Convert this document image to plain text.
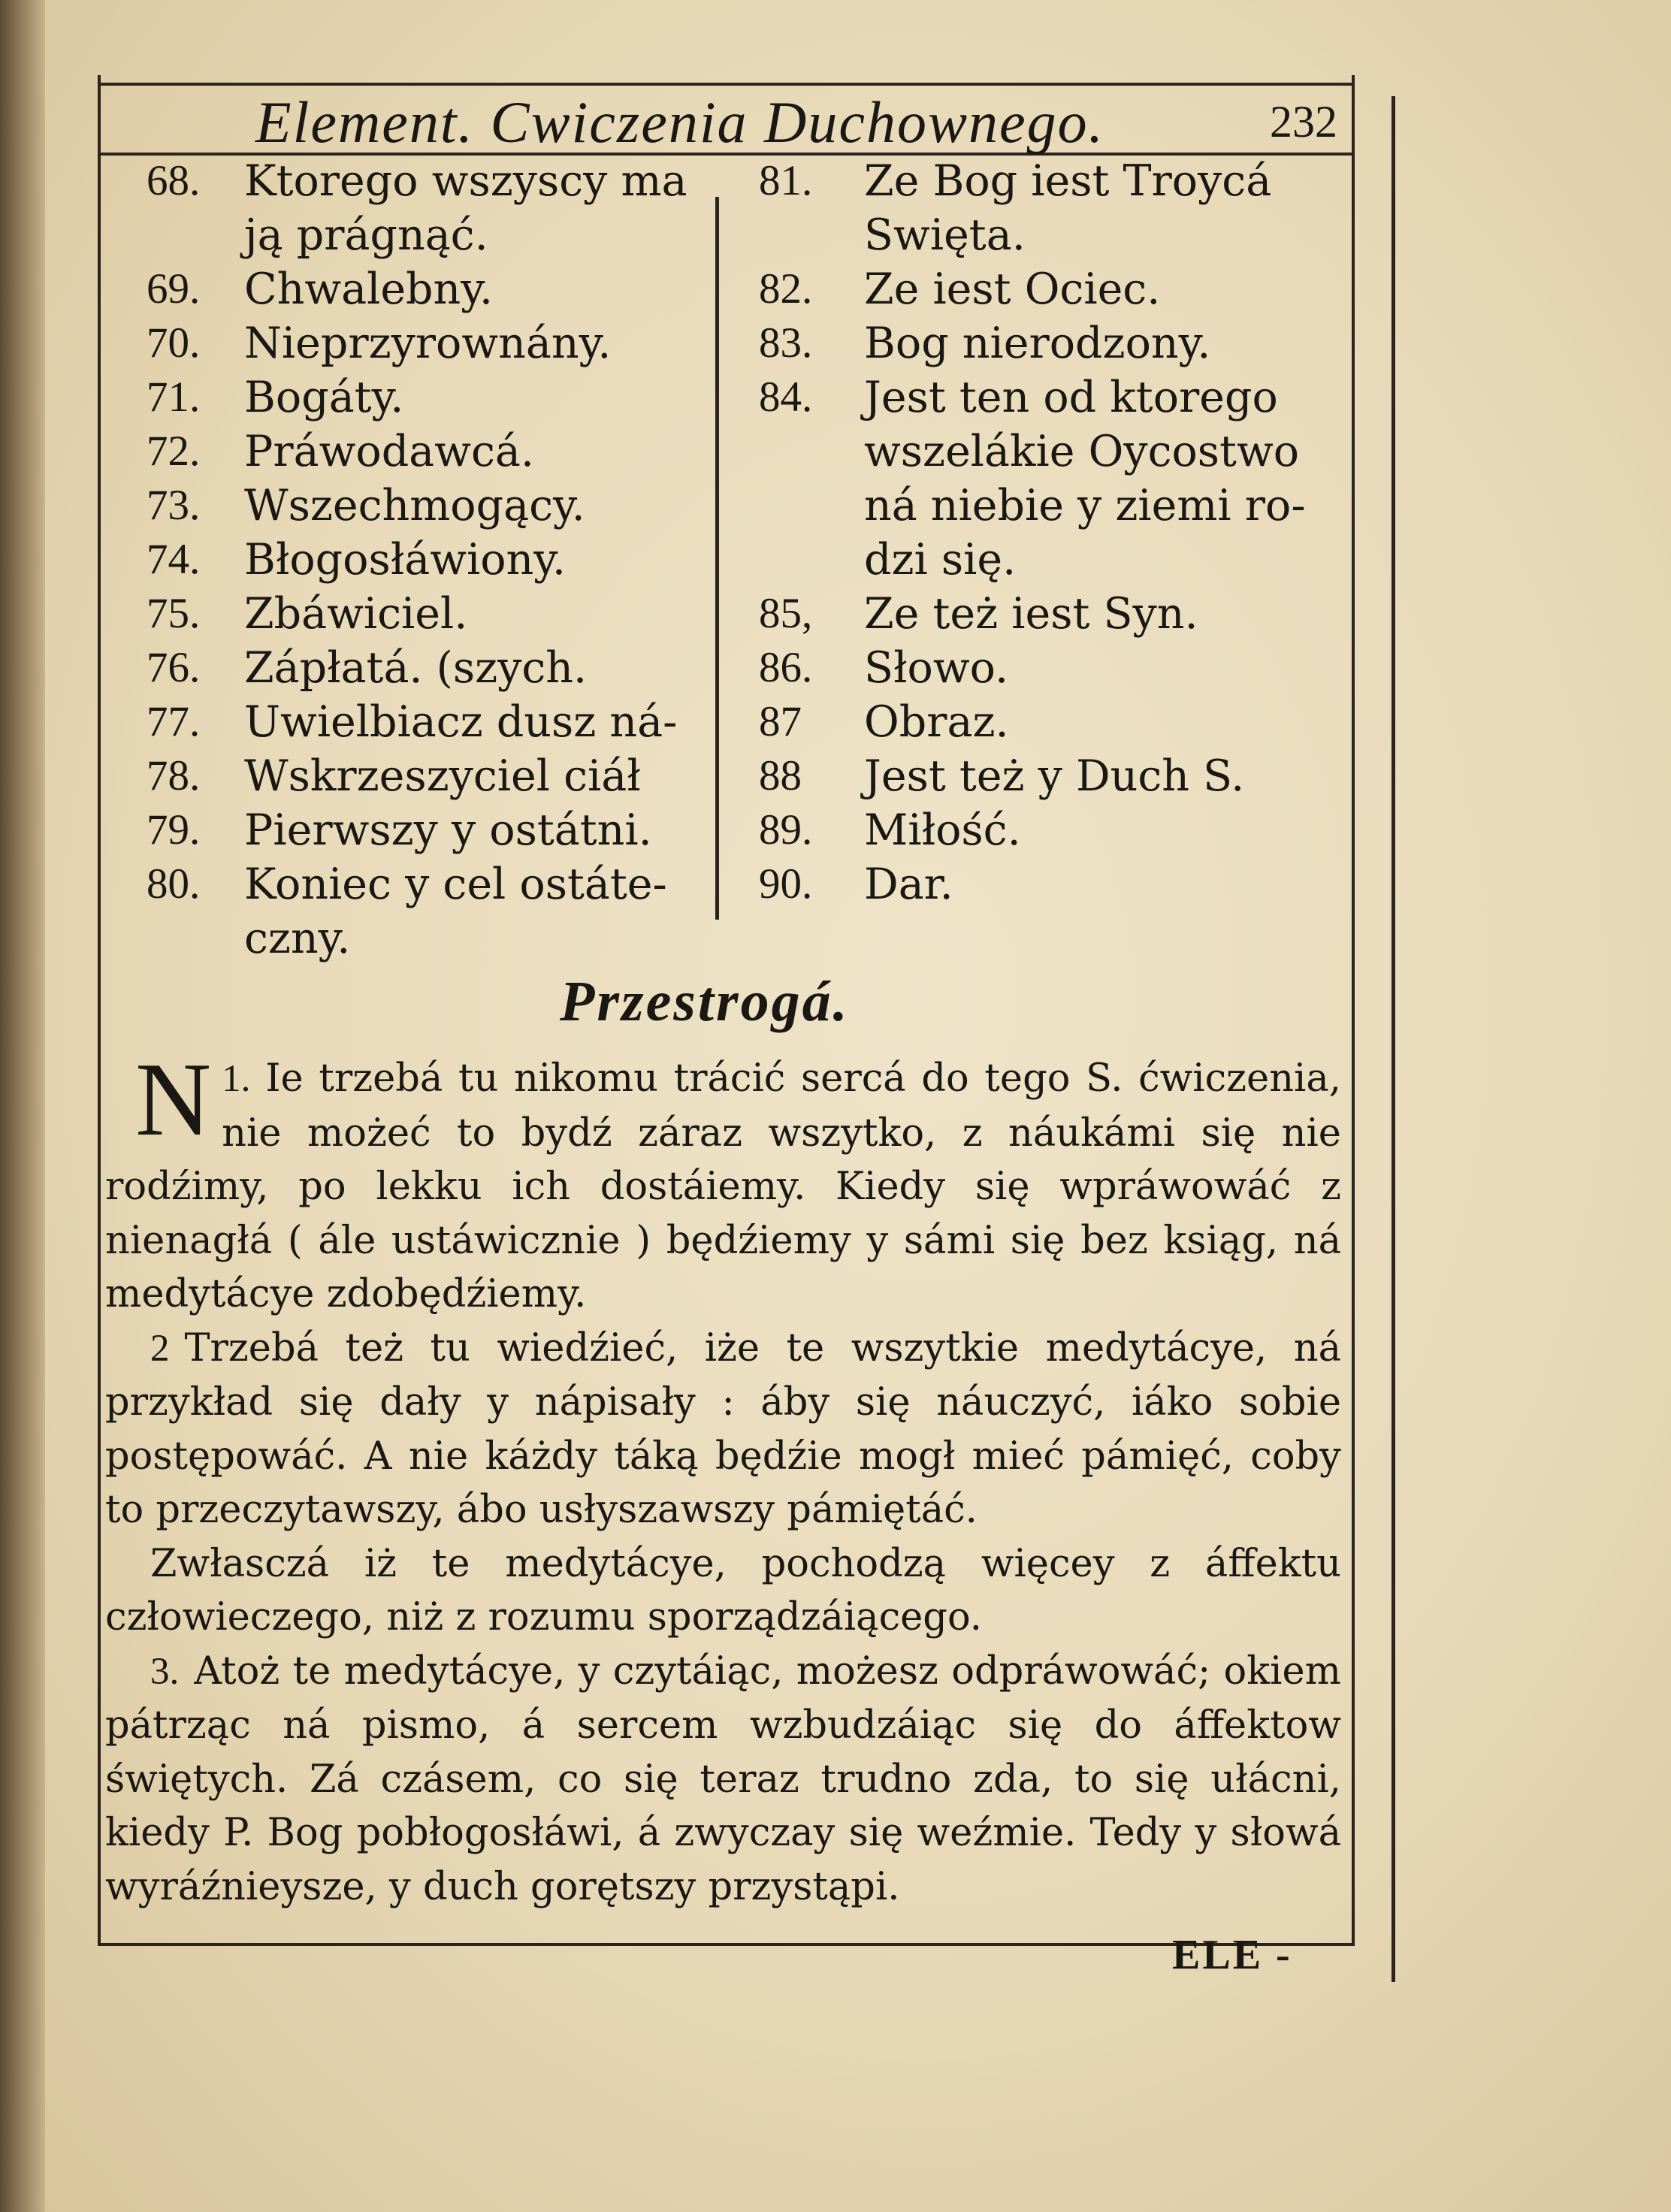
Element. Cwiczenia Duchownego.	232
68.	Ktorego wszyscy ma ją prágnąć.
69.	Chwalebny.
70.	Nieprzyrownány.
71.	Bogáty.
72.	Práwodawcá.
73.	Wszechmogący.
74.	Błogosłáwiony.
75.	Zbáwiciel.
76.	Zápłatá. (szych.
77.	Uwielbiacz dusz ná-
78.	Wskrzeszyciel ciáł
79.	Pierwszy y ostátni.
80.	Koniec y cel ostáte- czny.
81.	Ze Bog iest Troycá Swięta.
82.	Ze iest Ociec.
83.	Bog nierodzony.
84.	Jest ten od ktorego wszelákie Oycostwo ná niebie y ziemi ro- dzi się.
85,	Ze też iest Syn.
86.	Słowo.
87	Obraz.
88	Jest też y Duch S.
89.	Miłość.
90.	Dar.
Przestrogá.

1.
N Ie trzebá tu nikomu trácić sercá do tego S. ćwiczenia, nie możeć to bydź záraz wszytko, z náukámi się nie rodźimy, po lekku ich dostáiemy. Kiedy się wpráwowáć z nienagłá ( ále ustáwicznie ) będźiemy y sámi się bez ksiąg, ná medytácye zdobędźiemy.

2 Trzebá też tu wiedźieć, iże te wszytkie medytácye, ná przykład się dały y nápisały : áby się náuczyć, iáko sobie postępowáć. A nie káżdy táką będźie mogł mieć pámięć, coby to przeczytawszy, ábo usłyszawszy pámiętáć.

Zwłasczá iż te medytácye, pochodzą więcey z áffektu człowieczego, niż z rozumu sporządzáiącego.

3. Atoż te medytácye, y czytáiąc, możesz odpráwowáć; okiem pátrząc ná pismo, á sercem wzbudzáiąc się do áffektow świętych. Zá czásem, co się teraz trudno zda, to się ułácni, kiedy P. Bog pobłogosłáwi, á zwyczay się weźmie. Tedy y słowá wyráźnieysze, y duch gorętszy przystąpi.

ELE -
